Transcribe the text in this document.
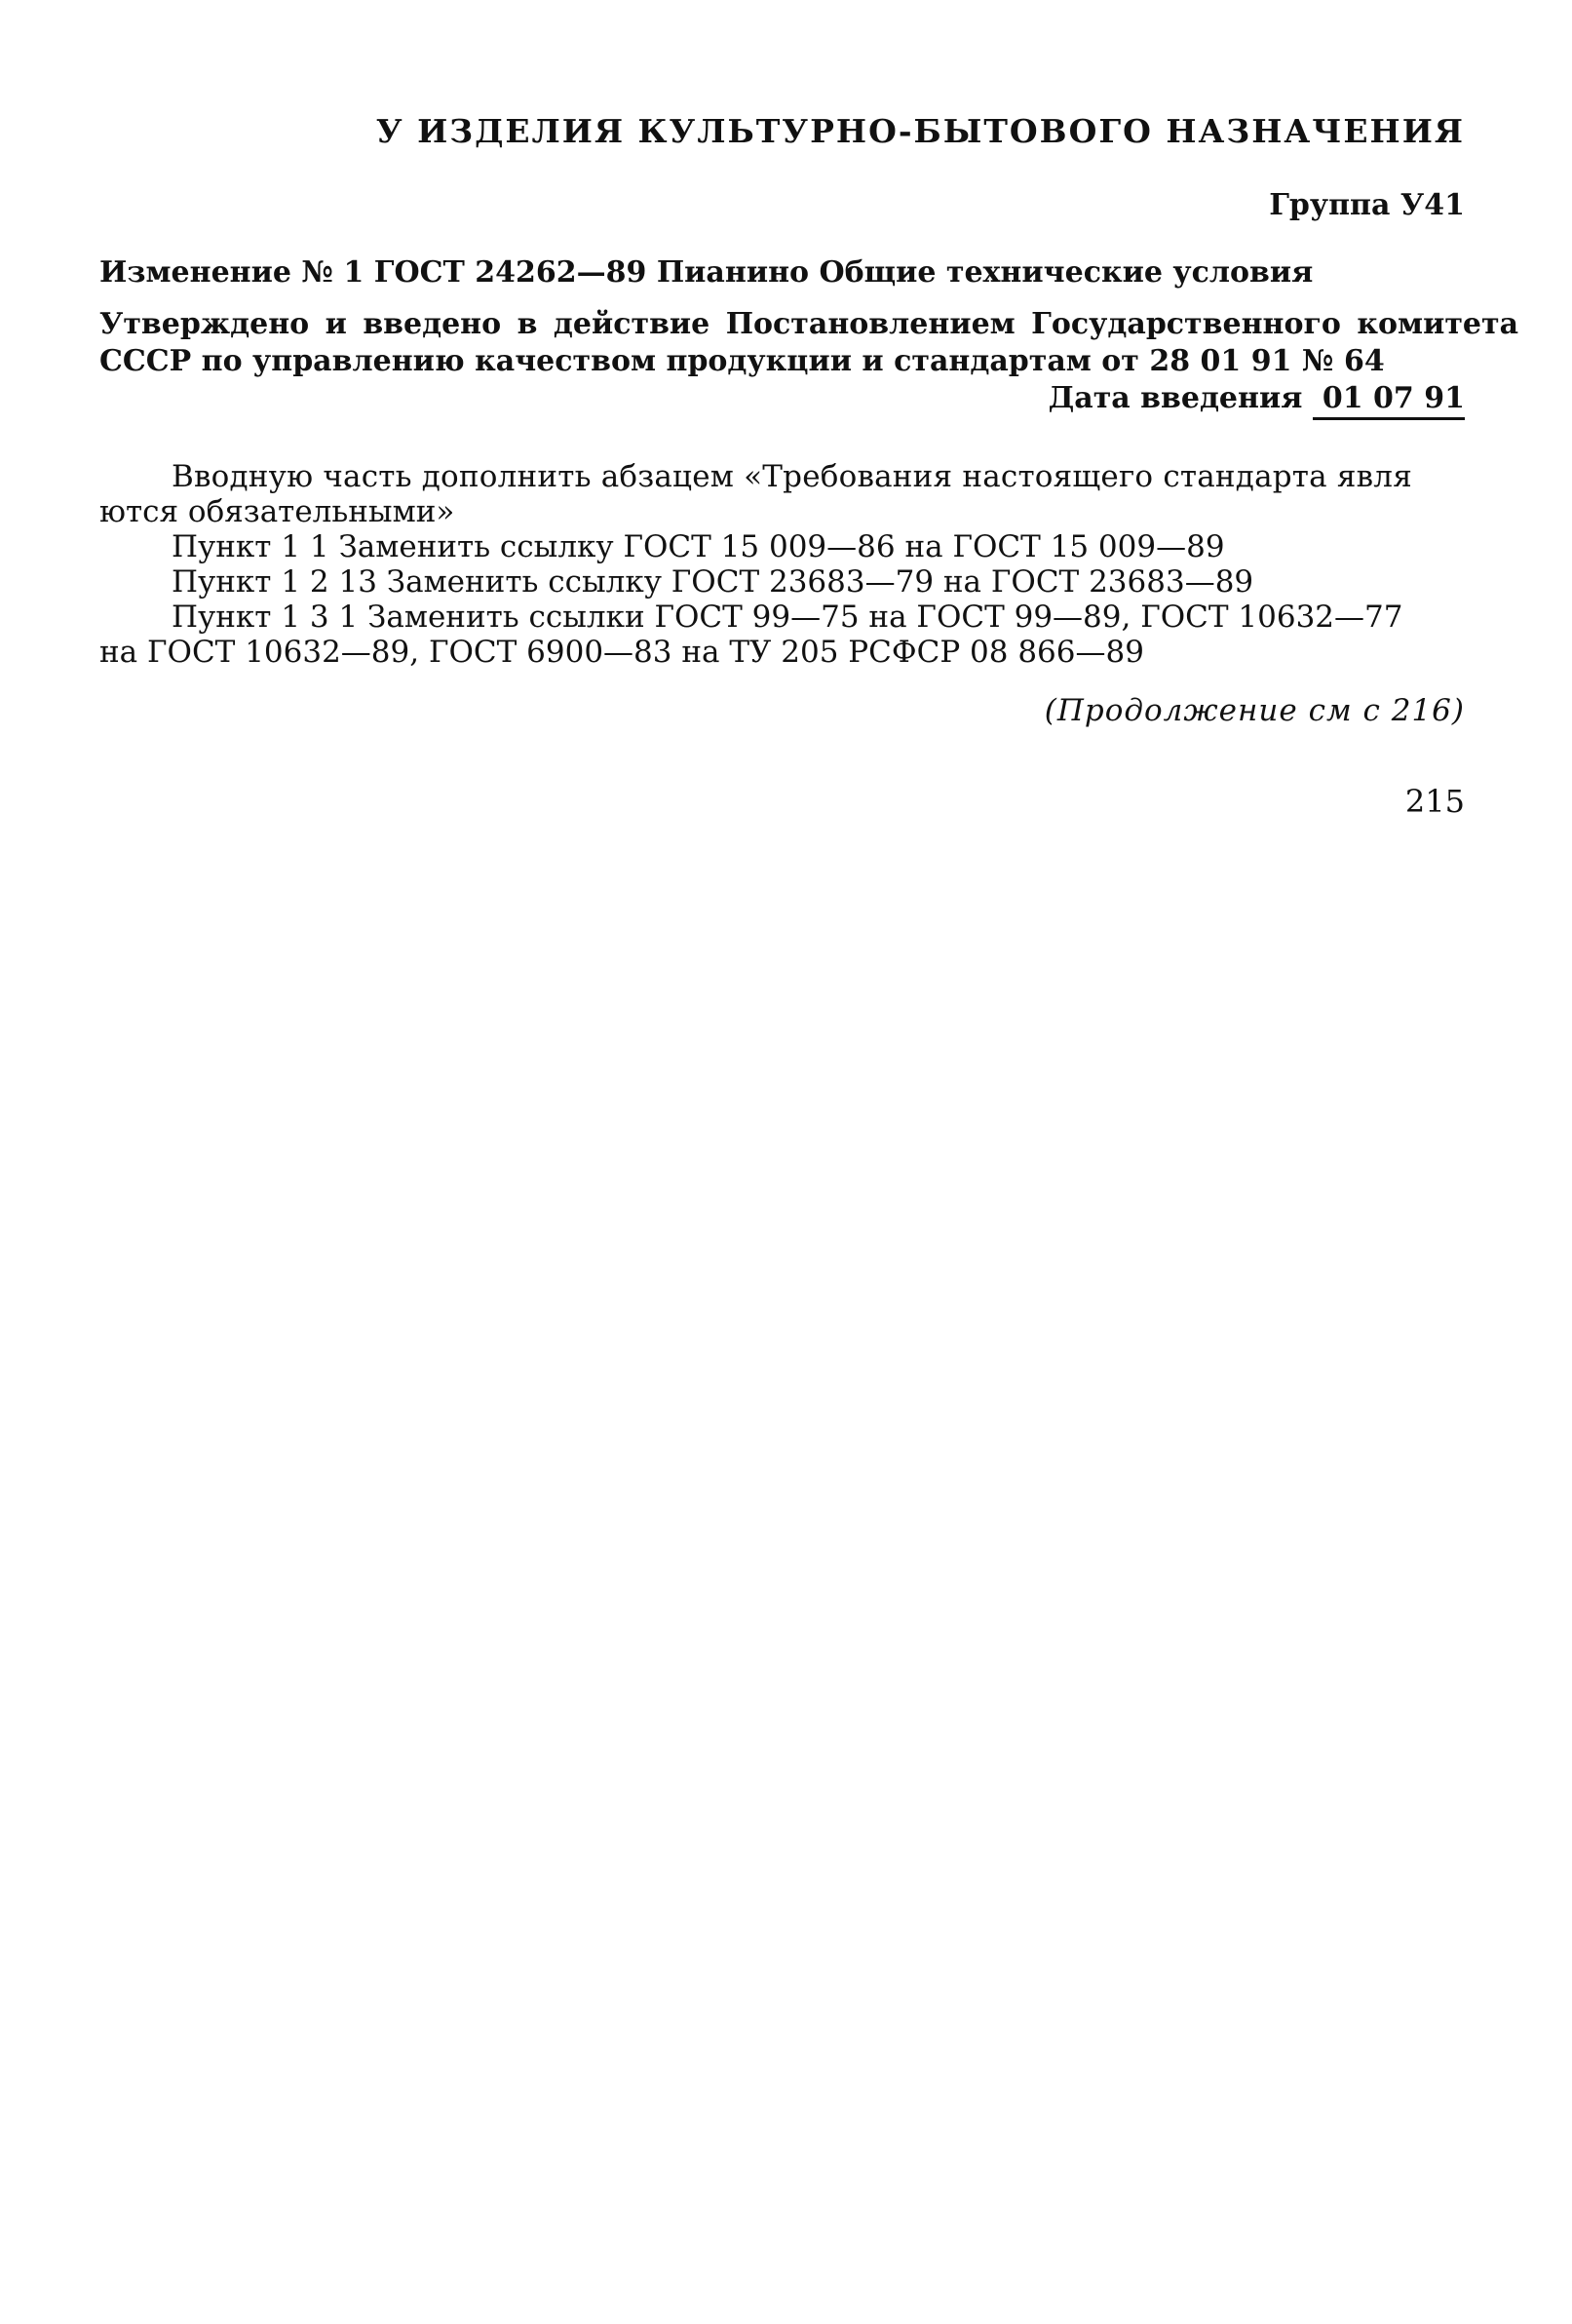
У ИЗДЕЛИЯ КУЛЬТУРНО-БЫТОВОГО НАЗНАЧЕНИЯ
Группа У41
Изменение № 1 ГОСТ 24262—89 Пианино Общие технические условия
Утверждено и введено в действие Постановлением Государственного комитета
СССР по управлению качеством продукции и стандартам от 28 01 91 № 64
Дата введения 01 07 91
Вводную часть дополнить абзацем «Требования настоящего стандарта явля
ются обязательными»
Пункт 1 1 Заменить ссылку ГОСТ 15 009—86 на ГОСТ 15 009—89
Пункт 1 2 13 Заменить ссылку ГОСТ 23683—79 на ГОСТ 23683—89
Пункт 1 3 1 Заменить ссылки ГОСТ 99—75 на ГОСТ 99—89, ГОСТ 10632—77
на ГОСТ 10632—89, ГОСТ 6900—83 на ТУ 205 РСФСР 08 866—89
(Продолжение см с 216)
215
